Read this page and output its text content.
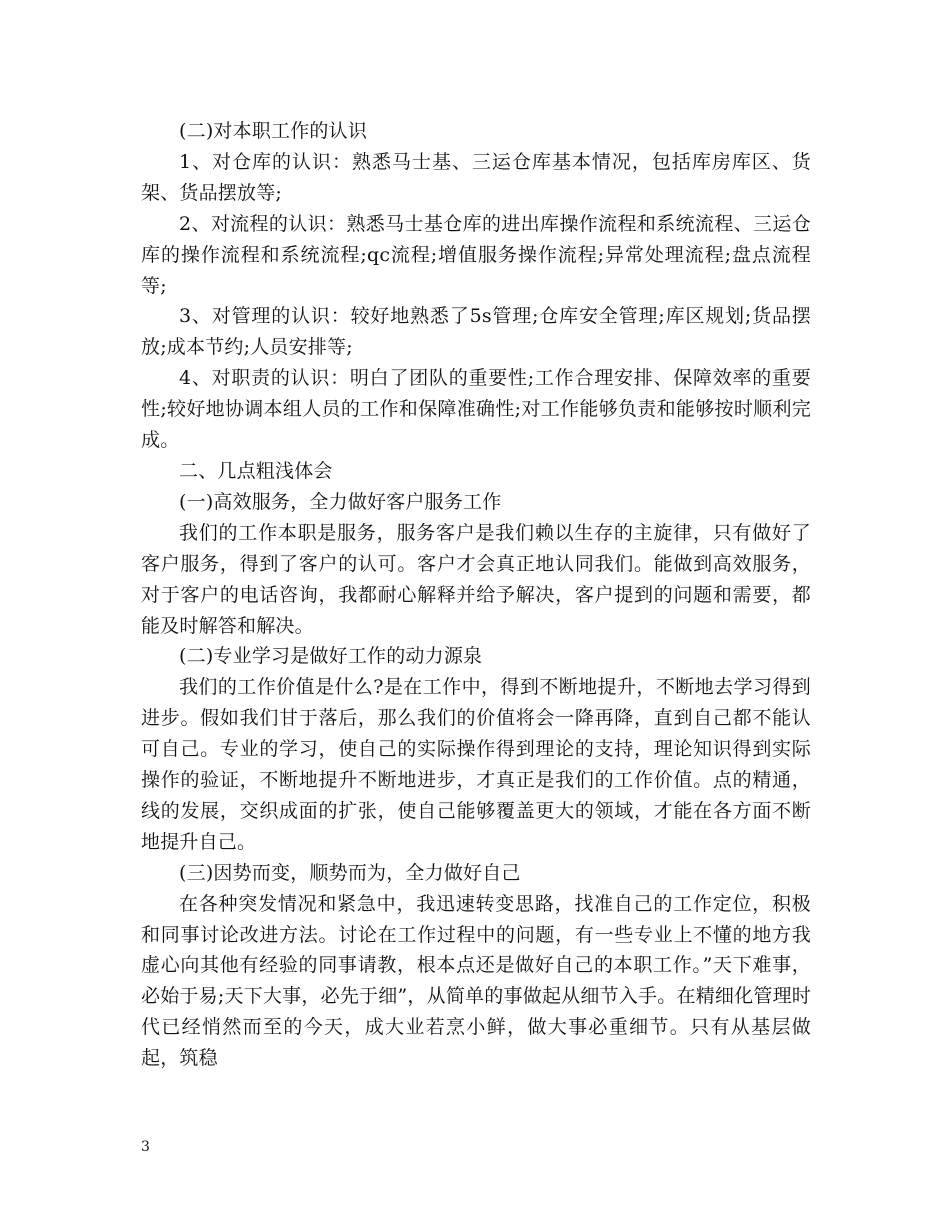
(二)对本职工作的认识

1、对仓库的认识：熟悉马士基、三运仓库基本情况，包括库房库区、货架、货品摆放等;

2、对流程的认识：熟悉马士基仓库的进出库操作流程和系统流程、三运仓库的操作流程和系统流程;qc流程;增值服务操作流程;异常处理流程;盘点流程等;

3、对管理的认识：较好地熟悉了5s管理;仓库安全管理;库区规划;货品摆放;成本节约;人员安排等;

4、对职责的认识：明白了团队的重要性;工作合理安排、保障效率的重要性;较好地协调本组人员的工作和保障准确性;对工作能够负责和能够按时顺利完成。

二、几点粗浅体会

(一)高效服务，全力做好客户服务工作

我们的工作本职是服务，服务客户是我们赖以生存的主旋律，只有做好了客户服务，得到了客户的认可。客户才会真正地认同我们。能做到高效服务，对于客户的电话咨询，我都耐心解释并给予解决，客户提到的问题和需要，都能及时解答和解决。

(二)专业学习是做好工作的动力源泉

我们的工作价值是什么?是在工作中，得到不断地提升，不断地去学习得到进步。假如我们甘于落后，那么我们的价值将会一降再降，直到自己都不能认可自己。专业的学习，使自己的实际操作得到理论的支持，理论知识得到实际操作的验证，不断地提升不断地进步，才真正是我们的工作价值。点的精通，线的发展，交织成面的扩张，使自己能够覆盖更大的领域，才能在各方面不断地提升自己。

(三)因势而变，顺势而为，全力做好自己

在各种突发情况和紧急中，我迅速转变思路，找准自己的工作定位，积极和同事讨论改进方法。讨论在工作过程中的问题，有一些专业上不懂的地方我虚心向其他有经验的同事请教，根本点还是做好自己的本职工作。”天下难事，必始于易;天下大事，必先于细”，从简单的事做起从细节入手。在精细化管理时代已经悄然而至的今天，成大业若烹小鲜，做大事必重细节。只有从基层做起，筑稳

3
